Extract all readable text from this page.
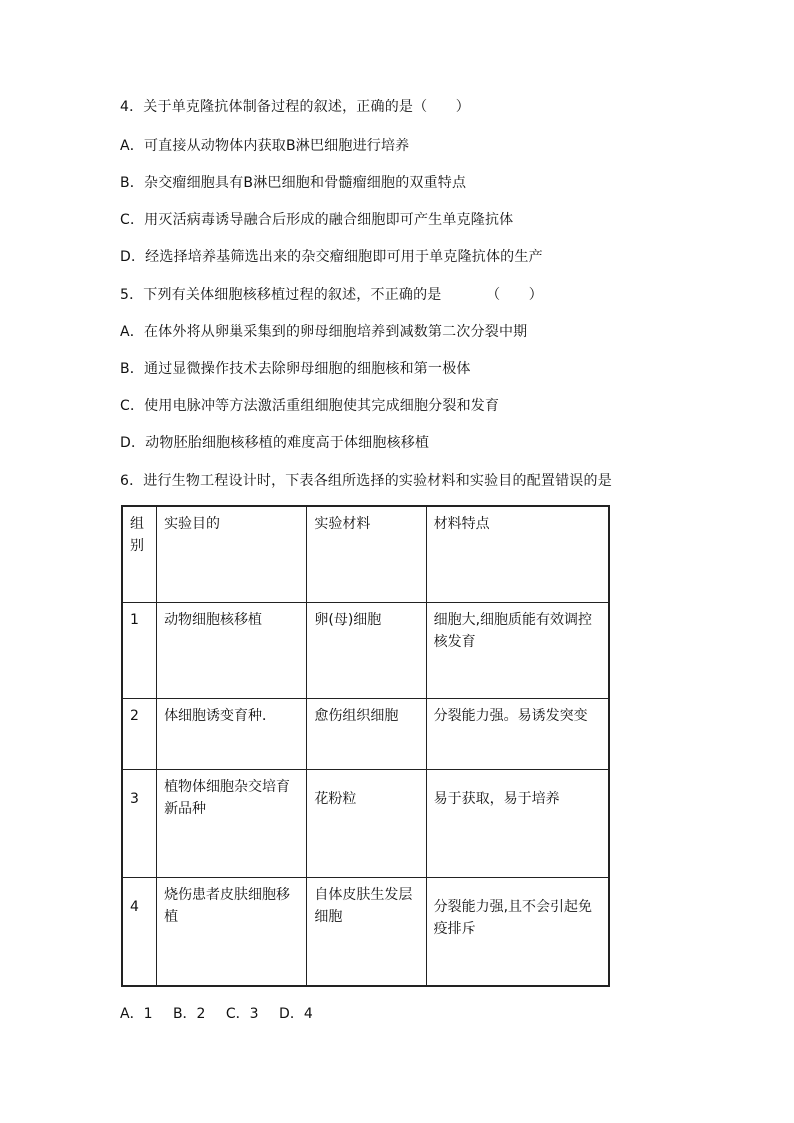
4．关于单克隆抗体制备过程的叙述，正确的是（　　）
A．可直接从动物体内获取B淋巴细胞进行培养
B．杂交瘤细胞具有B淋巴细胞和骨髓瘤细胞的双重特点
C．用灭活病毒诱导融合后形成的融合细胞即可产生单克隆抗体
D．经选择培养基筛选出来的杂交瘤细胞即可用于单克隆抗体的生产
5．下列有关体细胞核移植过程的叙述，不正确的是	（　　）
A．在体外将从卵巢采集到的卵母细胞培养到减数第二次分裂中期
B．通过显微操作技术去除卵母细胞的细胞核和第一极体
C．使用电脉冲等方法激活重组细胞使其完成细胞分裂和发育
D．动物胚胎细胞核移植的难度高于体细胞核移植
6．进行生物工程设计时，下表各组所选择的实验材料和实验目的配置错误的是
组别	实验目的	实验材料	材料特点
1	动物细胞核移植	卵(母)细胞	细胞大,细胞质能有效调控核发育
2	体细胞诱变育种．	愈伤组织细胞	分裂能力强。易诱发突变
3	植物体细胞杂交培育新品种	花粉粒	易于获取，易于培养
4	烧伤患者皮肤细胞移植	自体皮肤生发层细胞	分裂能力强,且不会引起免疫排斥
A．1 B．2 C．3 D．4
